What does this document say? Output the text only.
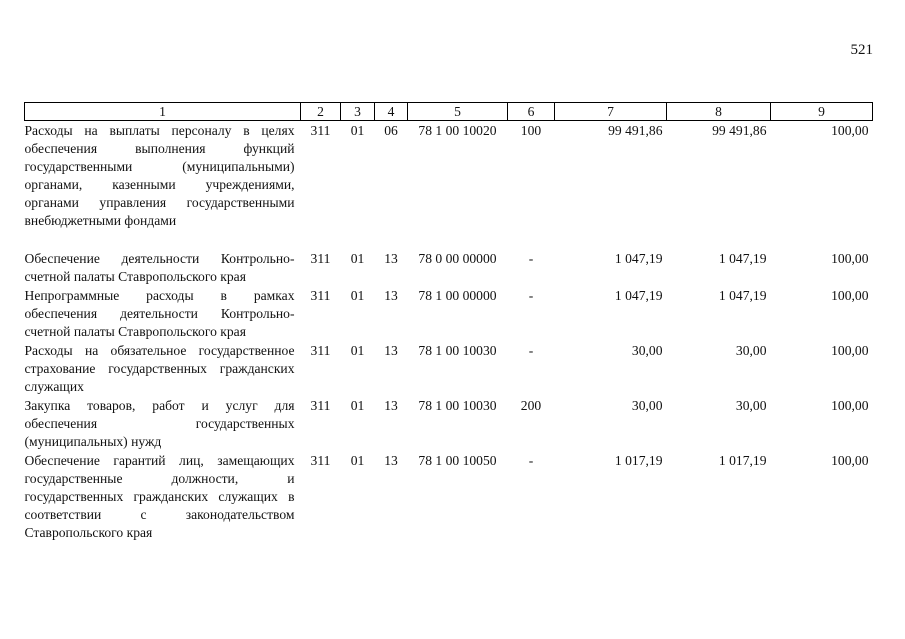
521
1	2	3	4	5	6	7	8	9
Расходы на выплаты персоналу в целях обеспечения выполнения функций государственными (муниципальными) органами, казенными учреждениями, органами управления государственными внебюджетными фондами	311	01	06	78 1 00 10020	100	99 491,86	99 491,86	100,00

Обеспечение деятельности Контрольно-счетной палаты Ставропольского края	311	01	13	78 0 00 00000	-	1 047,19	1 047,19	100,00
Непрограммные расходы в рамках обеспечения деятельности Контрольно-счетной палаты Ставропольского края	311	01	13	78 1 00 00000	-	1 047,19	1 047,19	100,00
Расходы на обязательное государственное страхование государственных гражданских служащих	311	01	13	78 1 00 10030	-	30,00	30,00	100,00
Закупка товаров, работ и услуг для обеспечения государственных (муниципальных) нужд	311	01	13	78 1 00 10030	200	30,00	30,00	100,00
Обеспечение гарантий лиц, замещающих государственные должности, и государственных гражданских служащих в соответствии с законодательством Ставропольского края	311	01	13	78 1 00 10050	-	1 017,19	1 017,19	100,00
